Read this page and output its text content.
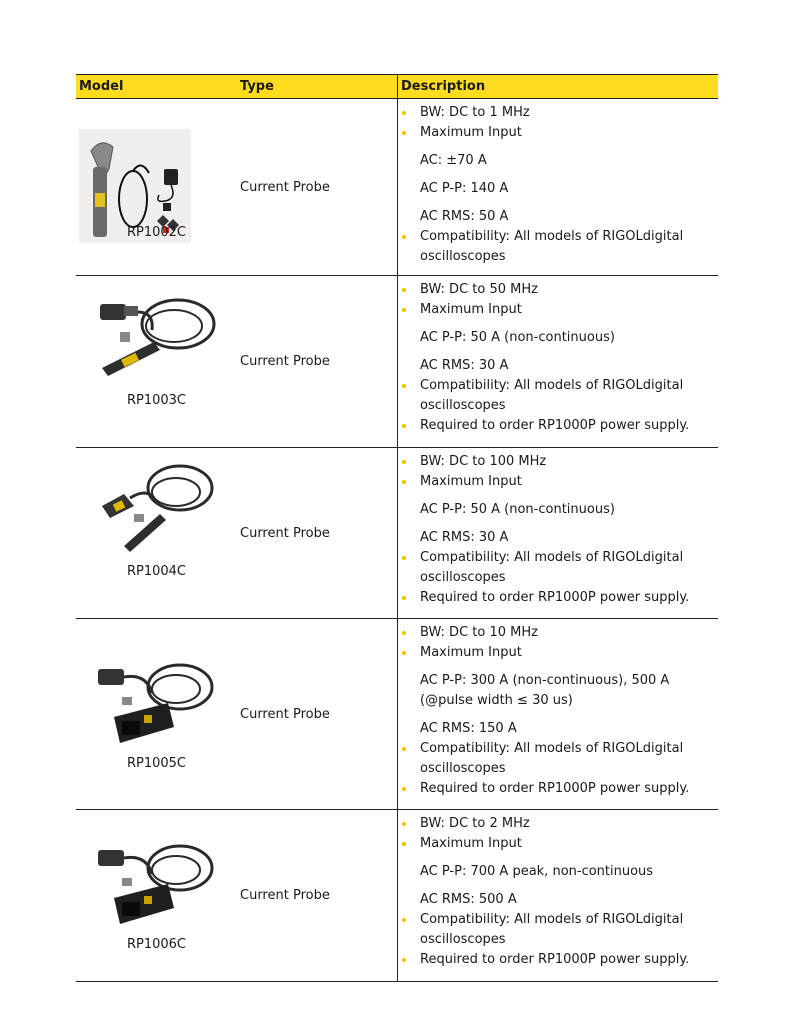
Model	Type	Description
RP1002C
Current Probe
BW: DC to 1 MHz
Maximum Input
AC: ±70 A
AC P-P: 140 A
AC RMS: 50 A
Compatibility: All models of RIGOLdigital oscilloscopes
RP1003C
Current Probe
BW: DC to 50 MHz
Maximum Input
AC P-P: 50 A (non-continuous)
AC RMS: 30 A
Compatibility: All models of RIGOLdigital oscilloscopes
Required to order RP1000P power supply.
RP1004C
Current Probe
BW: DC to 100 MHz
Maximum Input
AC P-P: 50 A (non-continuous)
AC RMS: 30 A
Compatibility: All models of RIGOLdigital oscilloscopes
Required to order RP1000P power supply.
RP1005C
Current Probe
BW: DC to 10 MHz
Maximum Input
AC P-P: 300 A (non-continuous), 500 A (@pulse width ≤ 30 us)
AC RMS: 150 A
Compatibility: All models of RIGOLdigital oscilloscopes
Required to order RP1000P power supply.
RP1006C
Current Probe
BW: DC to 2 MHz
Maximum Input
AC P-P: 700 A peak, non-continuous
AC RMS: 500 A
Compatibility: All models of RIGOLdigital oscilloscopes
Required to order RP1000P power supply.
